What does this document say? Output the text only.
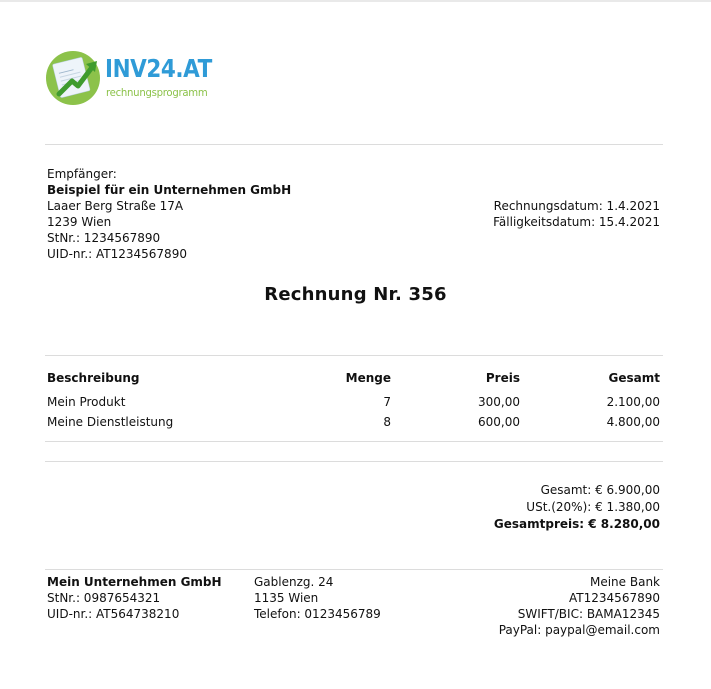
INV24.AT
rechnungsprogramm
Empfänger:
Beispiel für ein Unternehmen GmbH
Laaer Berg Straße 17A
1239 Wien
StNr.: 1234567890
UID-nr.: AT1234567890
Rechnungsdatum: 1.4.2021
Fälligkeitsdatum: 15.4.2021
Rechnung Nr. 356
Beschreibung	Menge	Preis	Gesamt
Mein Produkt	7	300,00	2.100,00
Meine Dienstleistung	8	600,00	4.800,00
Gesamt: € 6.900,00
USt.(20%): € 1.380,00
Gesamtpreis: € 8.280,00
Mein Unternehmen GmbH
StNr.: 0987654321
UID-nr.: AT564738210
Gablenzg. 24
1135 Wien
Telefon: 0123456789
Meine Bank
AT1234567890
SWIFT/BIC: BAMA12345
PayPal: paypal@email.com
